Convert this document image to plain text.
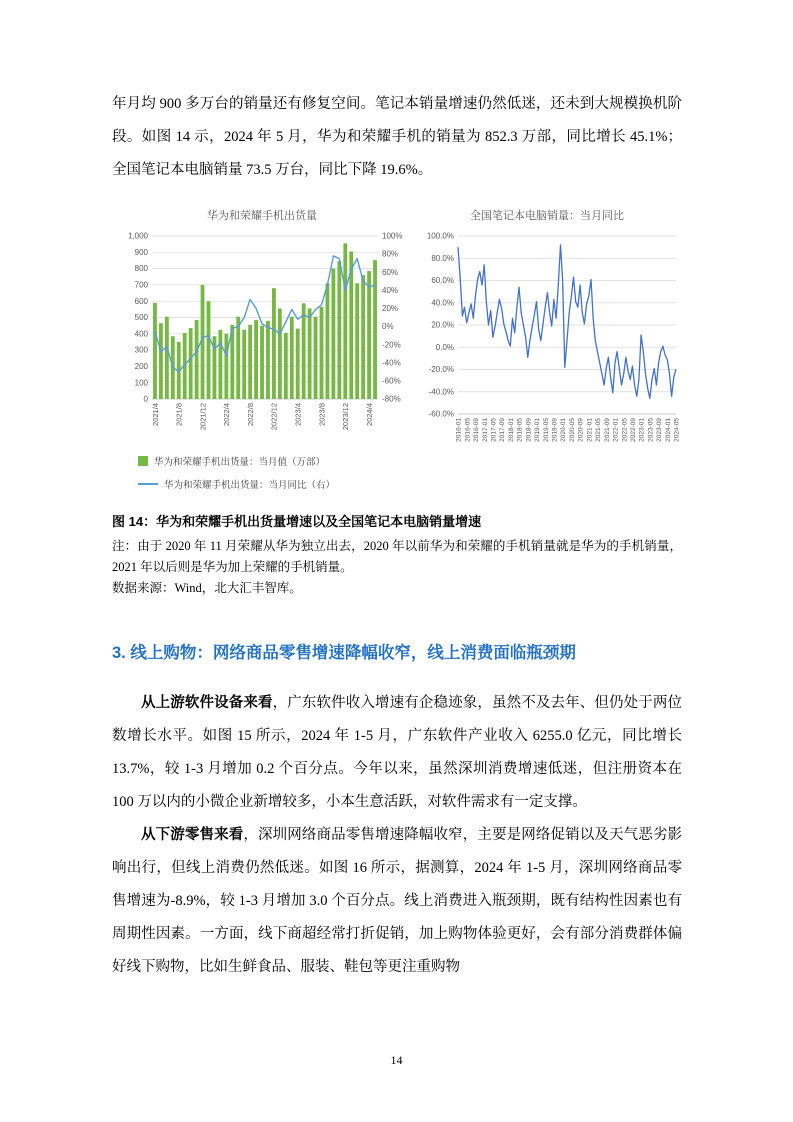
年月均 900 多万台的销量还有修复空间。笔记本销量增速仍然低迷，还未到大规模换机阶段。如图 14 示，2024 年 5 月，华为和荣耀手机的销量为 852.3 万部，同比增长 45.1%；全国笔记本电脑销量 73.5 万台，同比下降 19.6%。

华为和荣耀手机出货量
1,000
900
800
700
600
500
400
300
200
100
0
100%
80%
60%
40%
20%
0%
-20%
-40%
-60%
-80%
2021/4 2021/8 2021/12 2022/4 2022/8 2022/12 2023/4 2023/8 2023/12 2024/4
华为和荣耀手机出货量：当月值（万部）
华为和荣耀手机出货量：当月同比（右）
全国笔记本电脑销量：当月同比
100.0%
80.0%
60.0%
40.0%
20.0%
0.0%
-20.0%
-40.0%
-60.0%
2016-01 2016-05 2016-09 2017-01 2017-05 2017-09 2018-01 2018-05 2018-09 2019-01 2019-05 2019-09 2020-01 2020-05 2020-09 2021-01 2021-05 2021-09 2022-01 2022-05 2022-09 2023-01 2023-05 2023-09 2024-01 2024-05
图 14：华为和荣耀手机出货量增速以及全国笔记本电脑销量增速
注：由于 2020 年 11 月荣耀从华为独立出去，2020 年以前华为和荣耀的手机销量就是华为的手机销量，2021 年以后则是华为加上荣耀的手机销量。
数据来源：Wind，北大汇丰智库。
3. 线上购物：网络商品零售增速降幅收窄，线上消费面临瓶颈期

从上游软件设备来看，广东软件收入增速有企稳迹象，虽然不及去年、但仍处于两位数增长水平。如图 15 所示，2024 年 1-5 月，广东软件产业收入 6255.0 亿元，同比增长 13.7%，较 1-3 月增加 0.2 个百分点。今年以来，虽然深圳消费增速低迷，但注册资本在 100 万以内的小微企业新增较多，小本生意活跃，对软件需求有一定支撑。

从下游零售来看，深圳网络商品零售增速降幅收窄，主要是网络促销以及天气恶劣影响出行，但线上消费仍然低迷。如图 16 所示，据测算，2024 年 1-5 月，深圳网络商品零售增速为-8.9%，较 1-3 月增加 3.0 个百分点。线上消费进入瓶颈期，既有结构性因素也有周期性因素。一方面，线下商超经常打折促销，加上购物体验更好，会有部分消费群体偏好线下购物，比如生鲜食品、服装、鞋包等更注重购物

14
